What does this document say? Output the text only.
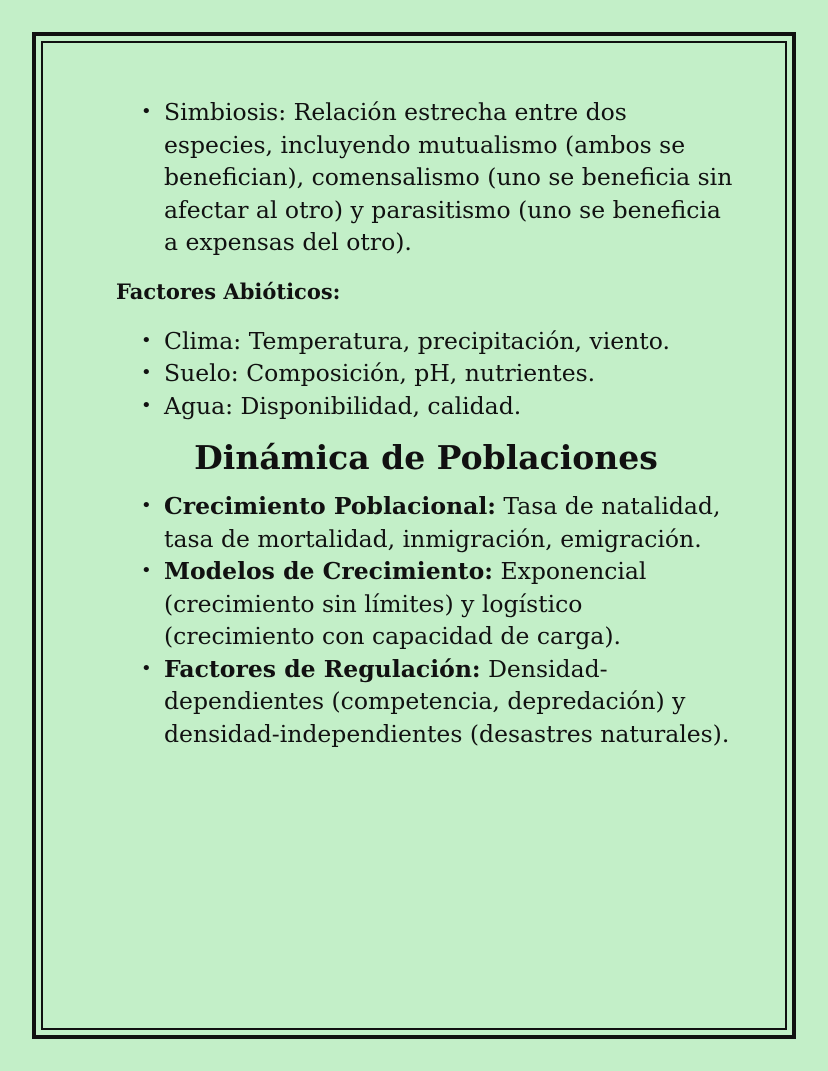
• Simbiosis: Relación estrecha entre dos especies, incluyendo mutualismo (ambos se benefician), comensalismo (uno se beneficia sin afectar al otro) y parasitismo (uno se beneficia a expensas del otro).
Factores Abióticos:
• Clima: Temperatura, precipitación, viento.
• Suelo: Composición, pH, nutrientes.
• Agua: Disponibilidad, calidad.
Dinámica de Poblaciones
• Crecimiento Poblacional: Tasa de natalidad, tasa de mortalidad, inmigración, emigración.
• Modelos de Crecimiento: Exponencial (crecimiento sin límites) y logístico (crecimiento con capacidad de carga).
• Factores de Regulación: Densidad-dependientes (competencia, depredación) y densidad-independientes (desastres naturales).
